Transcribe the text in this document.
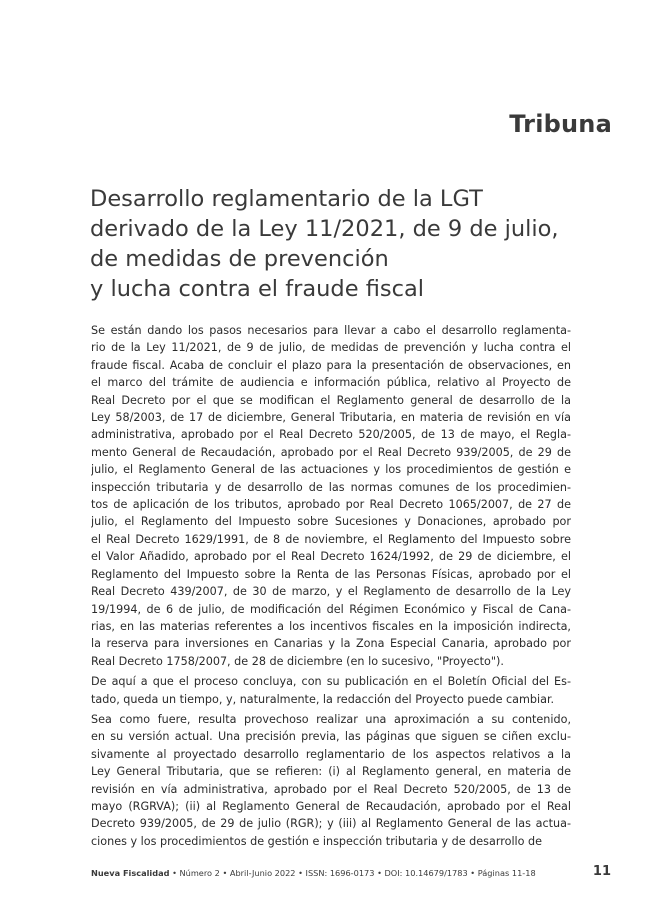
Tribuna
Desarrollo reglamentario de la LGT
derivado de la Ley 11/2021, de 9 de julio,
de medidas de prevención
y lucha contra el fraude fiscal

Se están dando los pasos necesarios para llevar a cabo el desarrollo reglamenta-
rio de la Ley 11/2021, de 9 de julio, de medidas de prevención y lucha contra el
fraude fiscal. Acaba de concluir el plazo para la presentación de observaciones, en
el marco del trámite de audiencia e información pública, relativo al Proyecto de
Real Decreto por el que se modifican el Reglamento general de desarrollo de la
Ley 58/2003, de 17 de diciembre, General Tributaria, en materia de revisión en vía
administrativa, aprobado por el Real Decreto 520/2005, de 13 de mayo, el Regla-
mento General de Recaudación, aprobado por el Real Decreto 939/2005, de 29 de
julio, el Reglamento General de las actuaciones y los procedimientos de gestión e
inspección tributaria y de desarrollo de las normas comunes de los procedimien-
tos de aplicación de los tributos, aprobado por Real Decreto 1065/2007, de 27 de
julio, el Reglamento del Impuesto sobre Sucesiones y Donaciones, aprobado por
el Real Decreto 1629/1991, de 8 de noviembre, el Reglamento del Impuesto sobre
el Valor Añadido, aprobado por el Real Decreto 1624/1992, de 29 de diciembre, el
Reglamento del Impuesto sobre la Renta de las Personas Físicas, aprobado por el
Real Decreto 439/2007, de 30 de marzo, y el Reglamento de desarrollo de la Ley
19/1994, de 6 de julio, de modificación del Régimen Económico y Fiscal de Cana-
rias, en las materias referentes a los incentivos fiscales en la imposición indirecta,
la reserva para inversiones en Canarias y la Zona Especial Canaria, aprobado por
Real Decreto 1758/2007, de 28 de diciembre (en lo sucesivo, "Proyecto").

De aquí a que el proceso concluya, con su publicación en el Boletín Oficial del Es-
tado, queda un tiempo, y, naturalmente, la redacción del Proyecto puede cambiar.

Sea como fuere, resulta provechoso realizar una aproximación a su contenido,
en su versión actual. Una precisión previa, las páginas que siguen se ciñen exclu-
sivamente al proyectado desarrollo reglamentario de los aspectos relativos a la
Ley General Tributaria, que se refieren: (i) al Reglamento general, en materia de
revisión en vía administrativa, aprobado por el Real Decreto 520/2005, de 13 de
mayo (RGRVA); (ii) al Reglamento General de Recaudación, aprobado por el Real
Decreto 939/2005, de 29 de julio (RGR); y (iii) al Reglamento General de las actua-
ciones y los procedimientos de gestión e inspección tributaria y de desarrollo de

Nueva Fiscalidad • Número 2 • Abril-Junio 2022 • ISSN: 1696-0173 • DOI: 10.14679/1783 • Páginas 11-18	11
